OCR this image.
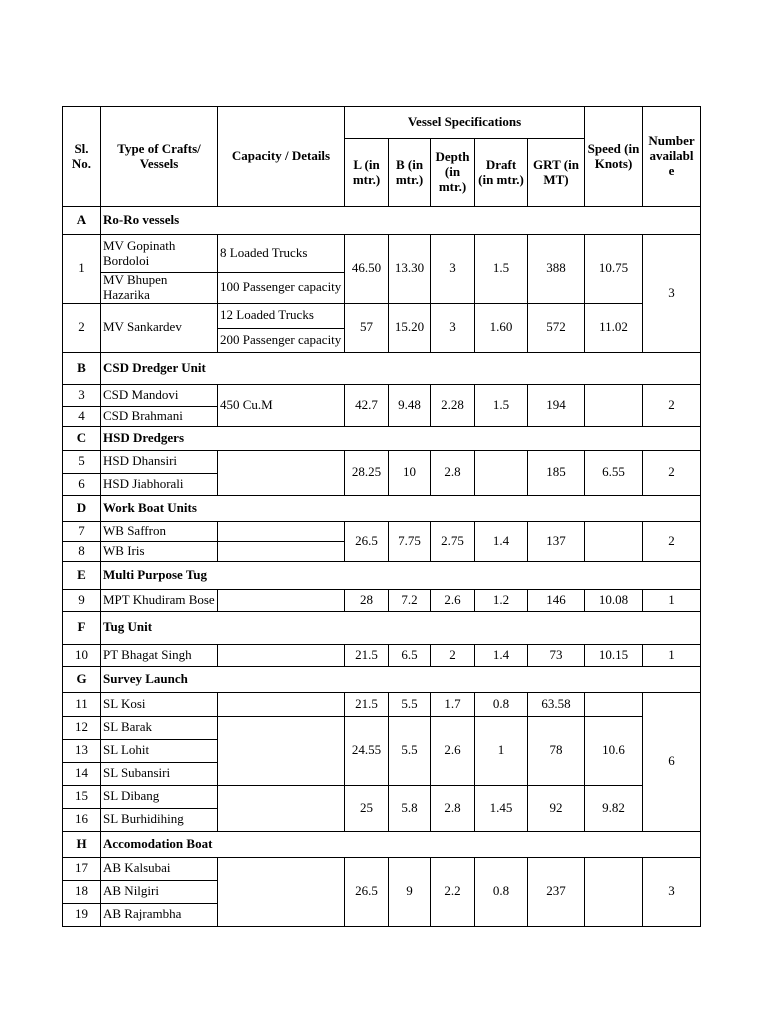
Sl. No.	Type of Crafts/ Vessels	Capacity / Details	Vessel Specifications					Speed (in Knots)	Number availabl e
			L (in mtr.)	B (in mtr.)	Depth (in mtr.)	Draft (in mtr.)	GRT (in MT)		
A	Ro-Ro vessels								
1	MV Gopinath Bordoloi	8 Loaded Trucks	46.50	13.30	3	1.5	388	10.75	3
	MV Bhupen Hazarika	100 Passenger capacity							
2	MV Sankardev	12 Loaded Trucks	57	15.20	3	1.60	572	11.02	
		200 Passenger capacity							
B	CSD Dredger Unit								
3	CSD Mandovi	450 Cu.M	42.7	9.48	2.28	1.5	194		2
4	CSD Brahmani								
C	HSD Dredgers								
5	HSD Dhansiri		28.25	10	2.8		185	6.55	2
6	HSD Jiabhorali								
D	Work Boat Units								
7	WB Saffron		26.5	7.75	2.75	1.4	137		2
8	WB Iris								
E	Multi Purpose Tug								
9	MPT Khudiram Bose		28	7.2	2.6	1.2	146	10.08	1
F	Tug Unit								
10	PT Bhagat Singh		21.5	6.5	2	1.4	73	10.15	1
G	Survey Launch								
11	SL Kosi		21.5	5.5	1.7	0.8	63.58		6
12	SL Barak		24.55	5.5	2.6	1	78	10.6	
13	SL Lohit								
14	SL Subansiri								
15	SL Dibang		25	5.8	2.8	1.45	92	9.82	
16	SL Burhidihing								
H	Accomodation Boat								
17	AB Kalsubai		26.5	9	2.2	0.8	237		3
18	AB Nilgiri								
19	AB Rajrambha								
